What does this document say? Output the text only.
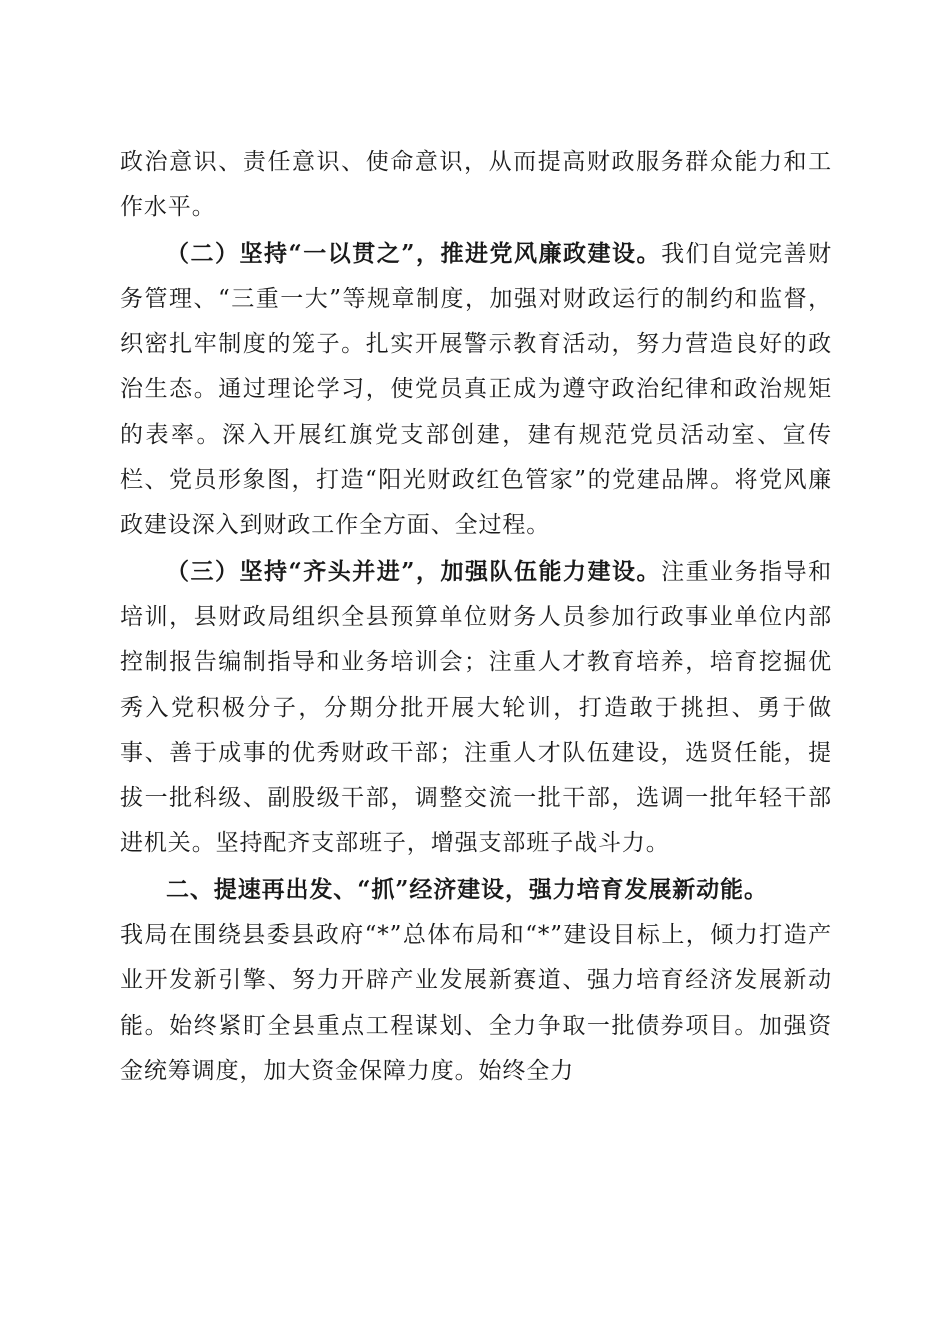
政治意识、责任意识、使命意识，从而提高财政服务群众能力和工作水平。

（二）坚持“一以贯之”，推进党风廉政建设。我们自觉完善财务管理、“三重一大”等规章制度，加强对财政运行的制约和监督，织密扎牢制度的笼子。扎实开展警示教育活动，努力营造良好的政治生态。通过理论学习，使党员真正成为遵守政治纪律和政治规矩的表率。深入开展红旗党支部创建，建有规范党员活动室、宣传栏、党员形象图，打造“阳光财政红色管家”的党建品牌。将党风廉政建设深入到财政工作全方面、全过程。

（三）坚持“齐头并进”，加强队伍能力建设。注重业务指导和培训，县财政局组织全县预算单位财务人员参加行政事业单位内部控制报告编制指导和业务培训会；注重人才教育培养，培育挖掘优秀入党积极分子，分期分批开展大轮训，打造敢于挑担、勇于做事、善于成事的优秀财政干部；注重人才队伍建设，选贤任能，提拔一批科级、副股级干部，调整交流一批干部，选调一批年轻干部进机关。坚持配齐支部班子，增强支部班子战斗力。

二、提速再出发、“抓”经济建设，强力培育发展新动能。

我局在围绕县委县政府“*”总体布局和“*”建设目标上，倾力打造产业开发新引擎、努力开辟产业发展新赛道、强力培育经济发展新动能。始终紧盯全县重点工程谋划、全力争取一批债券项目。加强资金统筹调度，加大资金保障力度。始终全力
